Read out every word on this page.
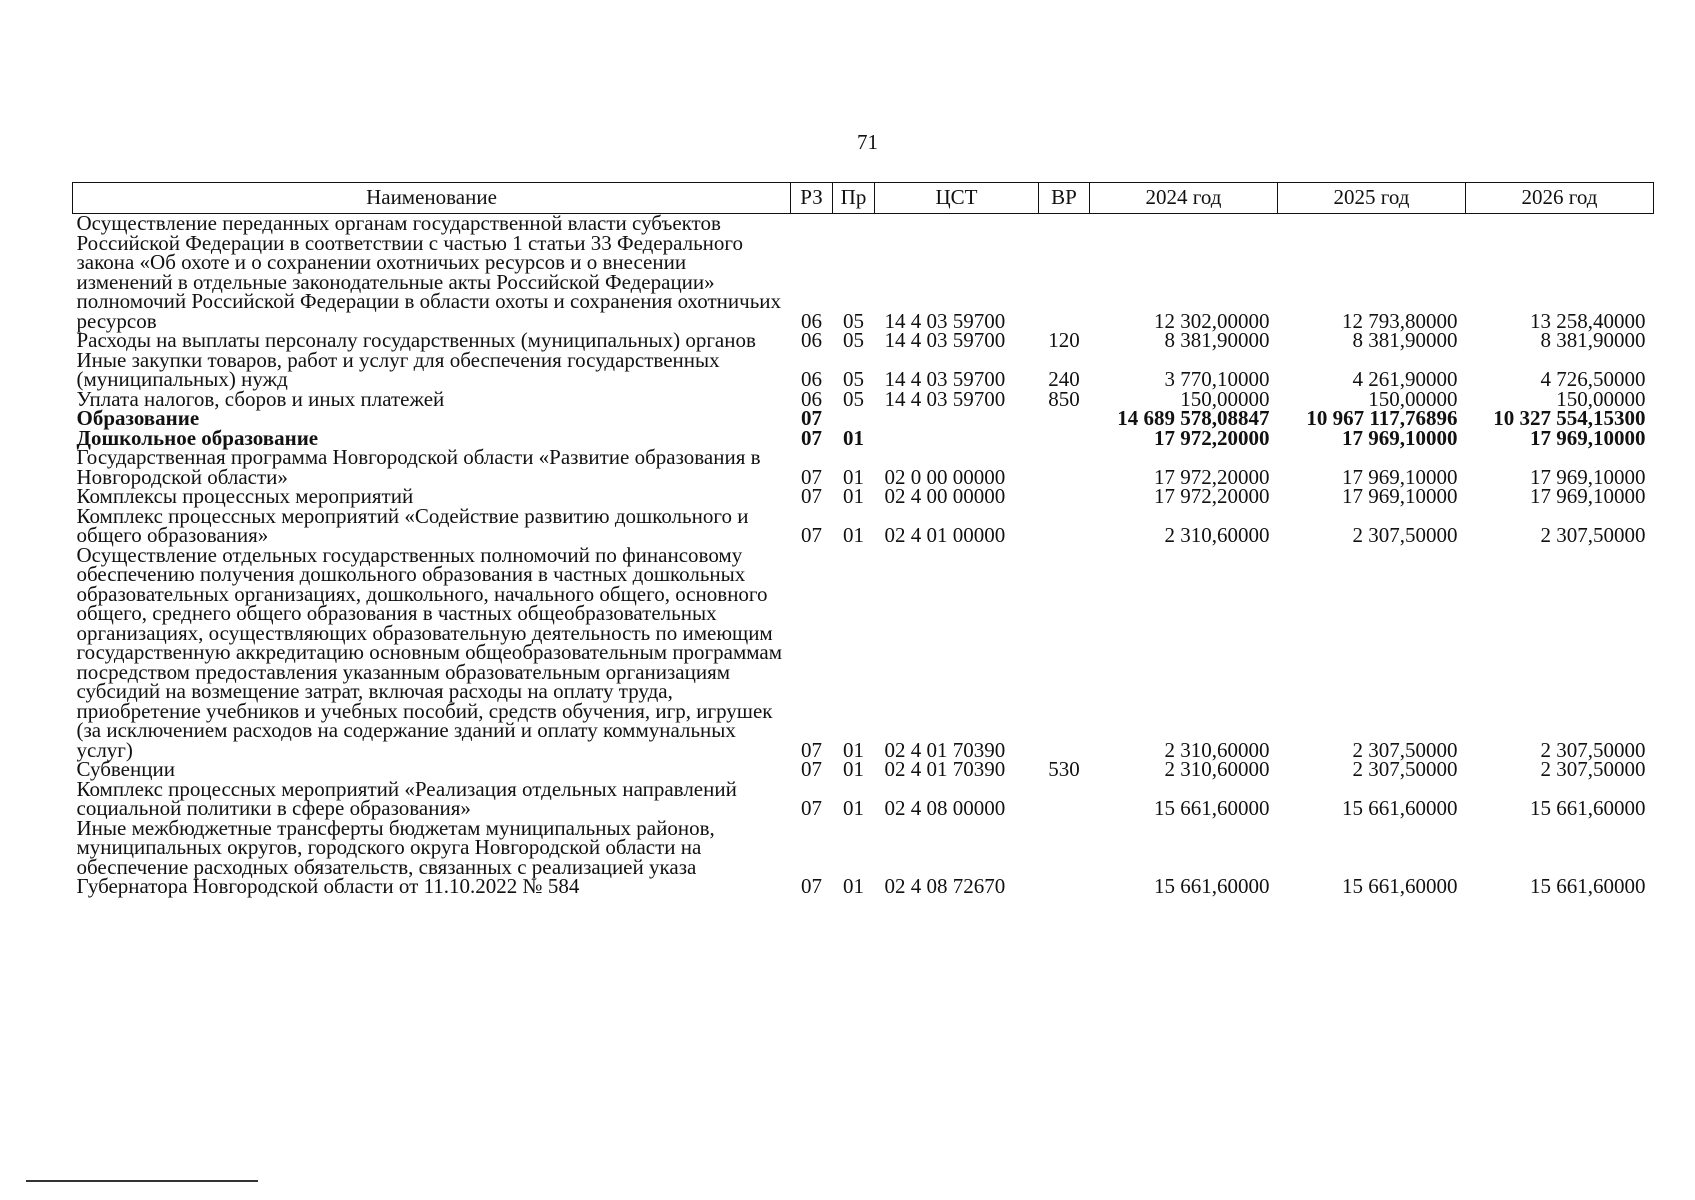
71
Наименование	РЗ	Пр	ЦСТ	ВР	2024 год	2025 год	2026 год
Осуществление переданных органам государственной власти субъектов Российской Федерации в соответствии с частью 1 статьи 33 Федерального закона «Об охоте и о сохранении охотничьих ресурсов и о внесении изменений в отдельные законодательные акты Российской Федерации» полномочий Российской Федерации в области охоты и сохранения охотничьих ресурсов	06	05	14 4 03 59700		12 302,00000	12 793,80000	13 258,40000
Расходы на выплаты персоналу государственных (муниципальных) органов	06	05	14 4 03 59700	120	8 381,90000	8 381,90000	8 381,90000
Иные закупки товаров, работ и услуг для обеспечения государственных (муниципальных) нужд	06	05	14 4 03 59700	240	3 770,10000	4 261,90000	4 726,50000
Уплата налогов, сборов и иных платежей	06	05	14 4 03 59700	850	150,00000	150,00000	150,00000
Образование	07				14 689 578,08847	10 967 117,76896	10 327 554,15300
Дошкольное образование	07	01			17 972,20000	17 969,10000	17 969,10000
Государственная программа Новгородской области «Развитие образования в Новгородской области»	07	01	02 0 00 00000		17 972,20000	17 969,10000	17 969,10000
Комплексы процессных мероприятий	07	01	02 4 00 00000		17 972,20000	17 969,10000	17 969,10000
Комплекс процессных мероприятий «Содействие развитию дошкольного и общего образования»	07	01	02 4 01 00000		2 310,60000	2 307,50000	2 307,50000
Осуществление отдельных государственных полномочий по финансовому обеспечению получения дошкольного образования в частных дошкольных образовательных организациях, дошкольного, начального общего, основного общего, среднего общего образования в частных общеобразовательных организациях, осуществляющих образовательную деятельность по имеющим государственную аккредитацию основным общеобразовательным программам посредством предоставления указанным образовательным организациям субсидий на возмещение затрат, включая расходы на оплату труда, приобретение учебников и учебных пособий, средств обучения, игр, игрушек (за исключением расходов на содержание зданий и оплату коммунальных услуг)	07	01	02 4 01 70390		2 310,60000	2 307,50000	2 307,50000
Субвенции	07	01	02 4 01 70390	530	2 310,60000	2 307,50000	2 307,50000
Комплекс процессных мероприятий «Реализация отдельных направлений социальной политики в сфере образования»	07	01	02 4 08 00000		15 661,60000	15 661,60000	15 661,60000
Иные межбюджетные трансферты бюджетам муниципальных районов, муниципальных округов, городского округа Новгородской области на обеспечение расходных обязательств, связанных с реализацией указа Губернатора Новгородской области от 11.10.2022 № 584	07	01	02 4 08 72670		15 661,60000	15 661,60000	15 661,60000
